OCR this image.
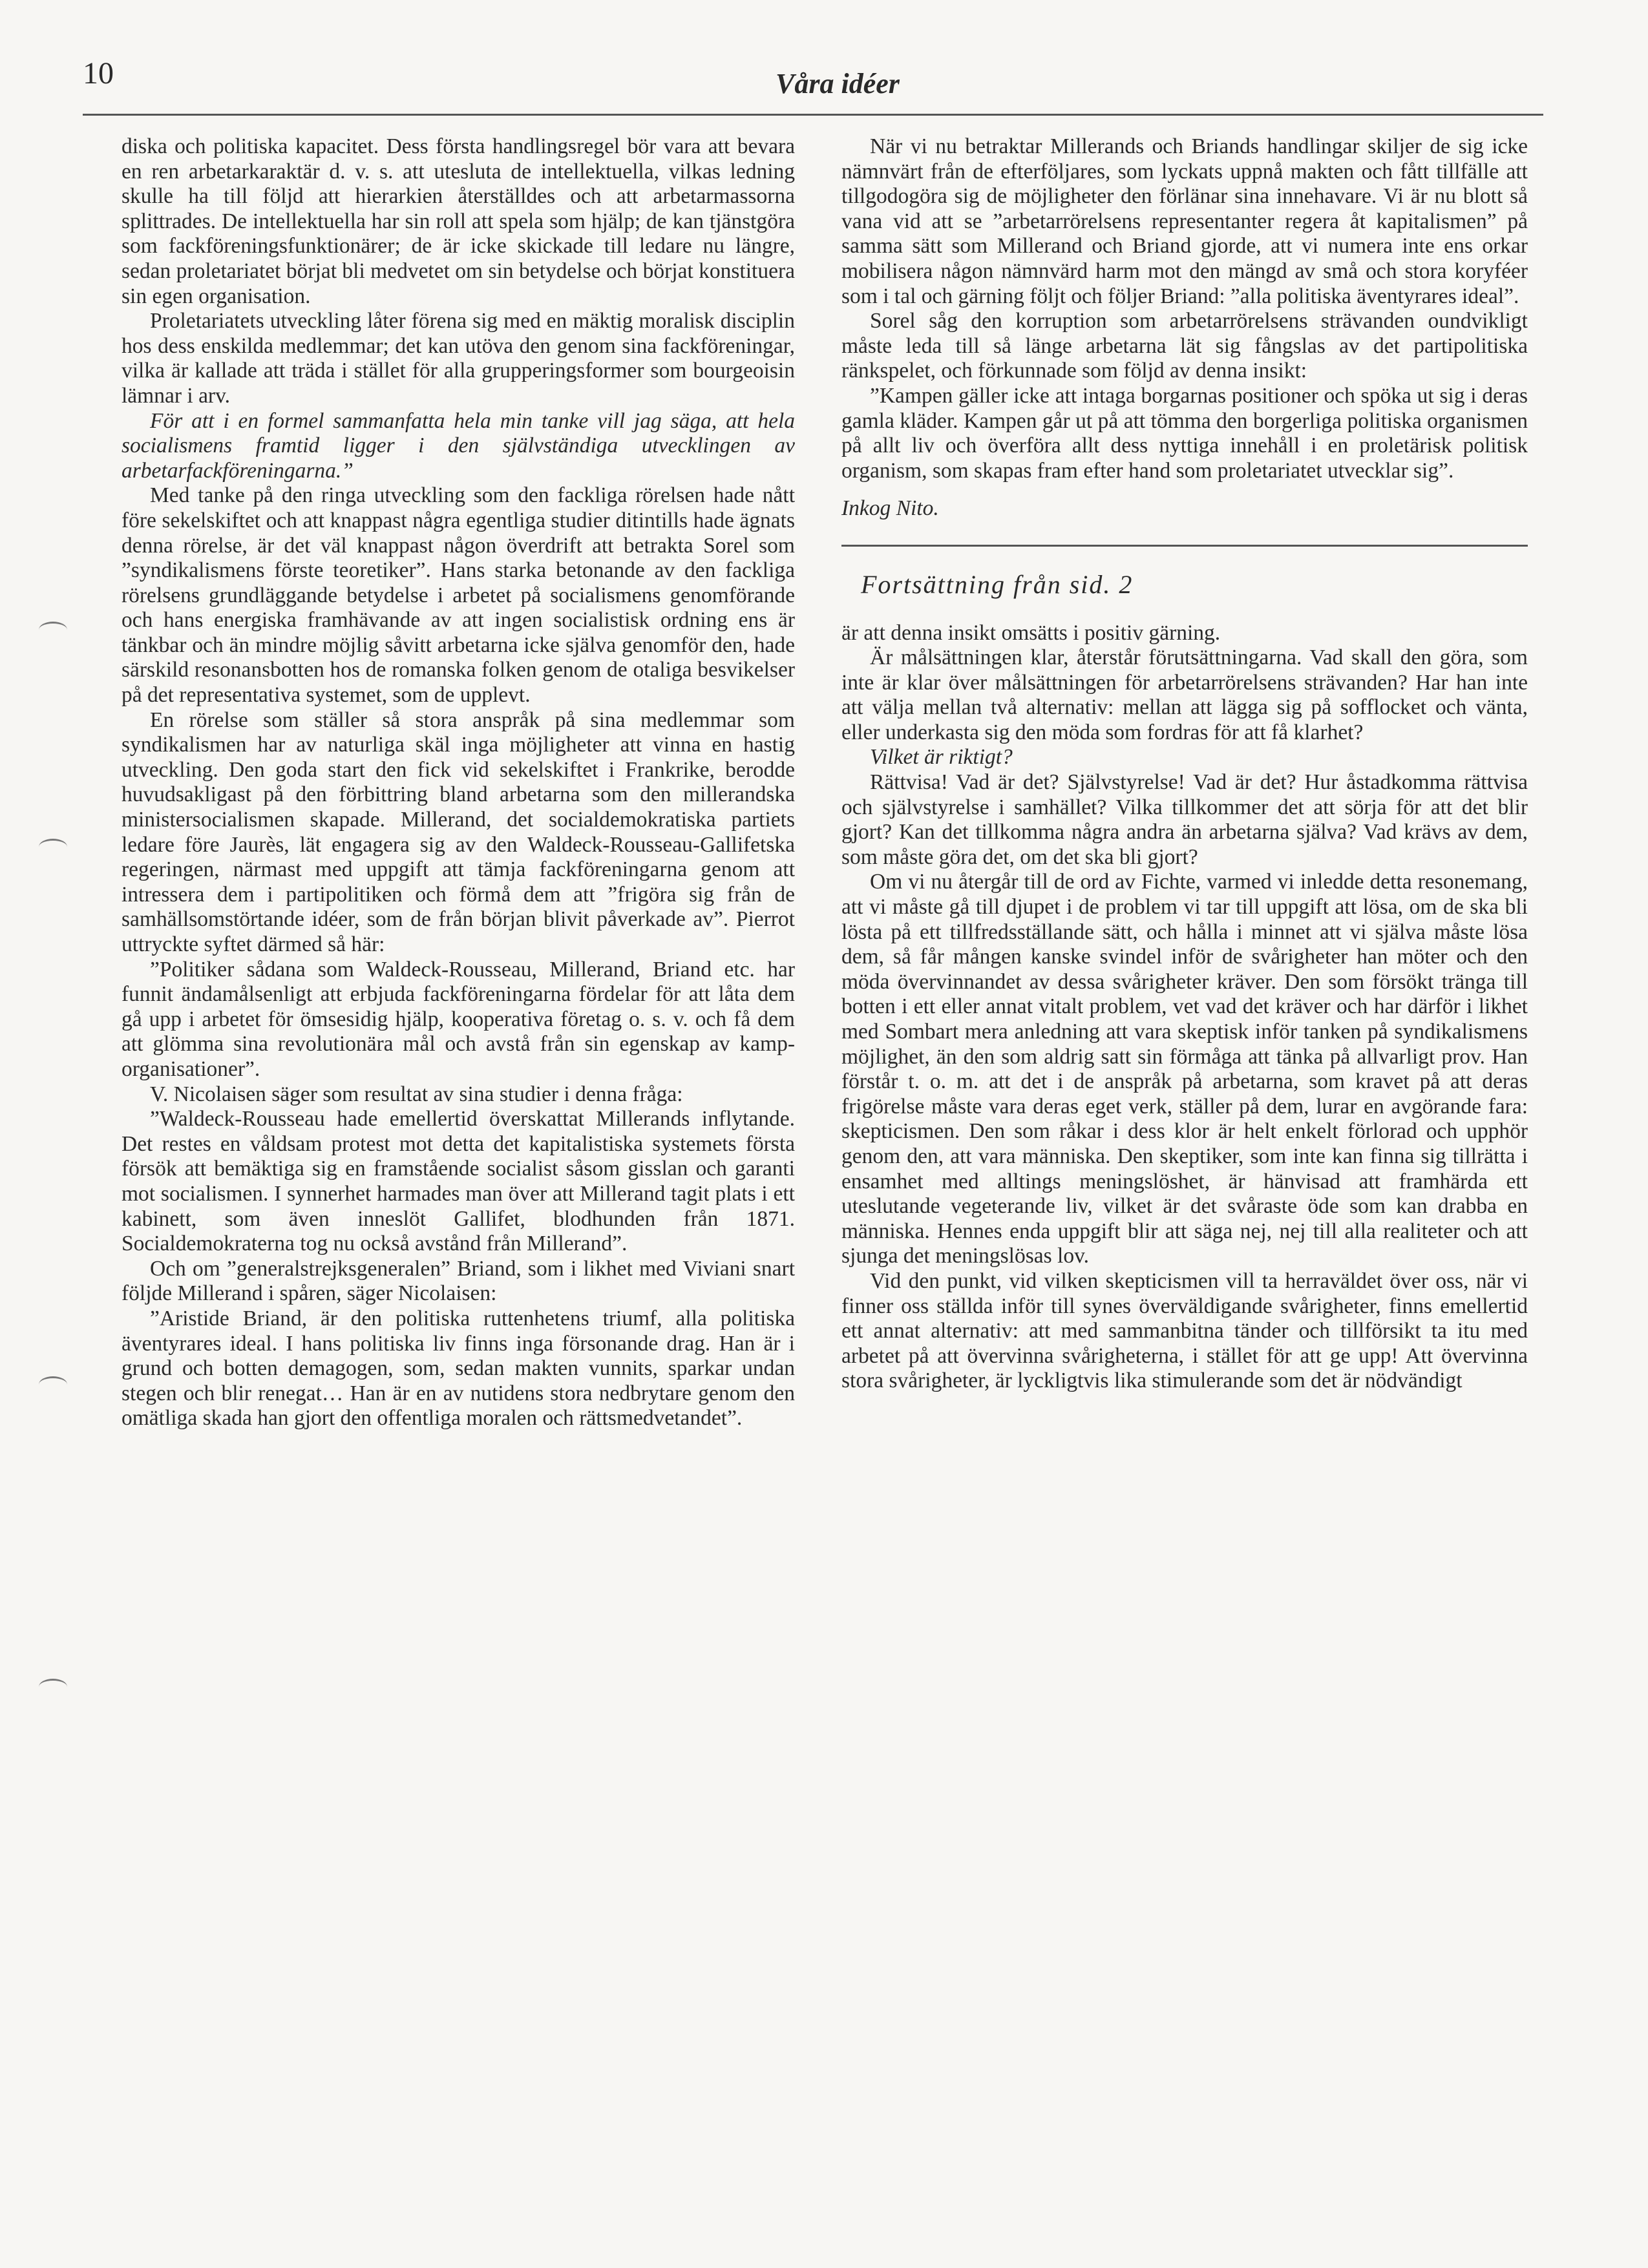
10	Våra idéer

diska och politiska kapacitet. Dess första handlingsregel bör vara att bevara en ren arbetarkaraktär d. v. s. att utesluta de intellektuella, vilkas ledning skulle ha till följd att hierarkien återställdes och att arbetarmassorna splittrades. De intellektuella har sin roll att spela som hjälp; de kan tjänstgöra som fackföreningsfunktionärer; de är icke skickade till ledare nu längre, sedan proletariatet börjat bli medvetet om sin betydelse och börjat konstituera sin egen organisation.

Proletariatets utveckling låter förena sig med en mäktig moralisk disciplin hos dess enskilda medlemmar; det kan utöva den genom sina fackföreningar, vilka är kallade att träda i stället för alla grupperingsformer som bourgeoisin lämnar i arv.

För att i en formel sammanfatta hela min tanke vill jag säga, att hela socialismens framtid ligger i den självständiga utvecklingen av arbetarfackföreningarna.”

Med tanke på den ringa utveckling som den fackliga rörelsen hade nått före sekelskiftet och att knappast några egentliga studier ditintills hade ägnats denna rörelse, är det väl knappast någon överdrift att betrakta Sorel som ”syndikalismens förste teoretiker”. Hans starka betonande av den fackliga rörelsens grundläggande betydelse i arbetet på socialismens genomförande och hans energiska framhävande av att ingen socialistisk ordning ens är tänkbar och än mindre möjlig såvitt arbetarna icke själva genomför den, hade särskild resonansbotten hos de romanska folken genom de otaliga besvikelser på det representativa systemet, som de upplevt.

En rörelse som ställer så stora anspråk på sina medlemmar som syndikalismen har av naturliga skäl inga möjligheter att vinna en hastig utveckling. Den goda start den fick vid sekelskiftet i Frankrike, berodde huvudsakligast på den förbittring bland arbetarna som den millerandska ministersocialismen skapade. Millerand, det socialdemokratiska partiets ledare före Jaurès, lät engagera sig av den Waldeck-Rousseau-Gallifetska regeringen, närmast med uppgift att tämja fackföreningarna genom att intressera dem i partipolitiken och förmå dem att ”frigöra sig från de samhällsomstörtande idéer, som de från början blivit påverkade av”. Pierrot uttryckte syftet därmed så här:

”Politiker sådana som Waldeck-Rousseau, Millerand, Briand etc. har funnit ändamålsenligt att erbjuda fackföreningarna fördelar för att låta dem gå upp i arbetet för ömsesidig hjälp, kooperativa företag o. s. v. och få dem att glömma sina revolutionära mål och avstå från sin egenskap av kamp-organisationer”.

V. Nicolaisen säger som resultat av sina studier i denna fråga:

”Waldeck-Rousseau hade emellertid överskattat Millerands inflytande. Det restes en våldsam protest mot detta det kapitalistiska systemets första försök att bemäktiga sig en framstående socialist såsom gisslan och garanti mot socialismen. I synnerhet harmades man över att Millerand tagit plats i ett kabinett, som även inneslöt Gallifet, blodhunden från 1871. Socialdemokraterna tog nu också avstånd från Millerand”.

Och om ”generalstrejksgeneralen” Briand, som i likhet med Viviani snart följde Millerand i spåren, säger Nicolaisen:

”Aristide Briand, är den politiska ruttenhetens triumf, alla politiska äventyrares ideal. I hans politiska liv finns inga försonande drag. Han är i grund och botten demagogen, som, sedan makten vunnits, sparkar undan stegen och blir renegat… Han är en av nutidens stora nedbrytare genom den omätliga skada han gjort den offentliga moralen och rättsmedvetandet”.

När vi nu betraktar Millerands och Briands handlingar skiljer de sig icke nämnvärt från de efterföljares, som lyckats uppnå makten och fått tillfälle att tillgodogöra sig de möjligheter den förlänar sina innehavare. Vi är nu blott så vana vid att se ”arbetarrörelsens representanter regera åt kapitalismen” på samma sätt som Millerand och Briand gjorde, att vi numera inte ens orkar mobilisera någon nämnvärd harm mot den mängd av små och stora koryféer som i tal och gärning följt och följer Briand: ”alla politiska äventyrares ideal”.

Sorel såg den korruption som arbetarrörelsens strävanden oundvikligt måste leda till så länge arbetarna lät sig fångslas av det partipolitiska ränkspelet, och förkunnade som följd av denna insikt:

”Kampen gäller icke att intaga borgarnas positioner och spöka ut sig i deras gamla kläder. Kampen går ut på att tömma den borgerliga politiska organismen på allt liv och överföra allt dess nyttiga innehåll i en proletärisk politisk organism, som skapas fram efter hand som proletariatet utvecklar sig”.

Inkog Nito.

Fortsättning från sid. 2

är att denna insikt omsätts i positiv gärning.

Är målsättningen klar, återstår förutsättningarna. Vad skall den göra, som inte är klar över målsättningen för arbetarrörelsens strävanden? Har han inte att välja mellan två alternativ: mellan att lägga sig på sofflocket och vänta, eller underkasta sig den möda som fordras för att få klarhet?

Vilket är riktigt?

Rättvisa! Vad är det? Självstyrelse! Vad är det? Hur åstadkomma rättvisa och självstyrelse i samhället? Vilka tillkommer det att sörja för att det blir gjort? Kan det tillkomma några andra än arbetarna själva? Vad krävs av dem, som måste göra det, om det ska bli gjort?

Om vi nu återgår till de ord av Fichte, varmed vi inledde detta resonemang, att vi måste gå till djupet i de problem vi tar till uppgift att lösa, om de ska bli lösta på ett tillfredsställande sätt, och hålla i minnet att vi själva måste lösa dem, så får mången kanske svindel inför de svårigheter han möter och den möda övervinnandet av dessa svårigheter kräver. Den som försökt tränga till botten i ett eller annat vitalt problem, vet vad det kräver och har därför i likhet med Sombart mera anledning att vara skeptisk inför tanken på syndikalismens möjlighet, än den som aldrig satt sin förmåga att tänka på allvarligt prov. Han förstår t. o. m. att det i de anspråk på arbetarna, som kravet på att deras frigörelse måste vara deras eget verk, ställer på dem, lurar en avgörande fara: skepticismen. Den som råkar i dess klor är helt enkelt förlorad och upphör genom den, att vara människa. Den skeptiker, som inte kan finna sig tillrätta i ensamhet med alltings meningslöshet, är hänvisad att framhärda ett uteslutande vegeterande liv, vilket är det svåraste öde som kan drabba en människa. Hennes enda uppgift blir att säga nej, nej till alla realiteter och att sjunga det meningslösas lov.

Vid den punkt, vid vilken skepticismen vill ta herraväldet över oss, när vi finner oss ställda inför till synes överväldigande svårigheter, finns emellertid ett annat alternativ: att med sammanbitna tänder och tillförsikt ta itu med arbetet på att övervinna svårigheterna, i stället för att ge upp! Att övervinna stora svårigheter, är lyckligtvis lika stimulerande som det är nödvändigt
